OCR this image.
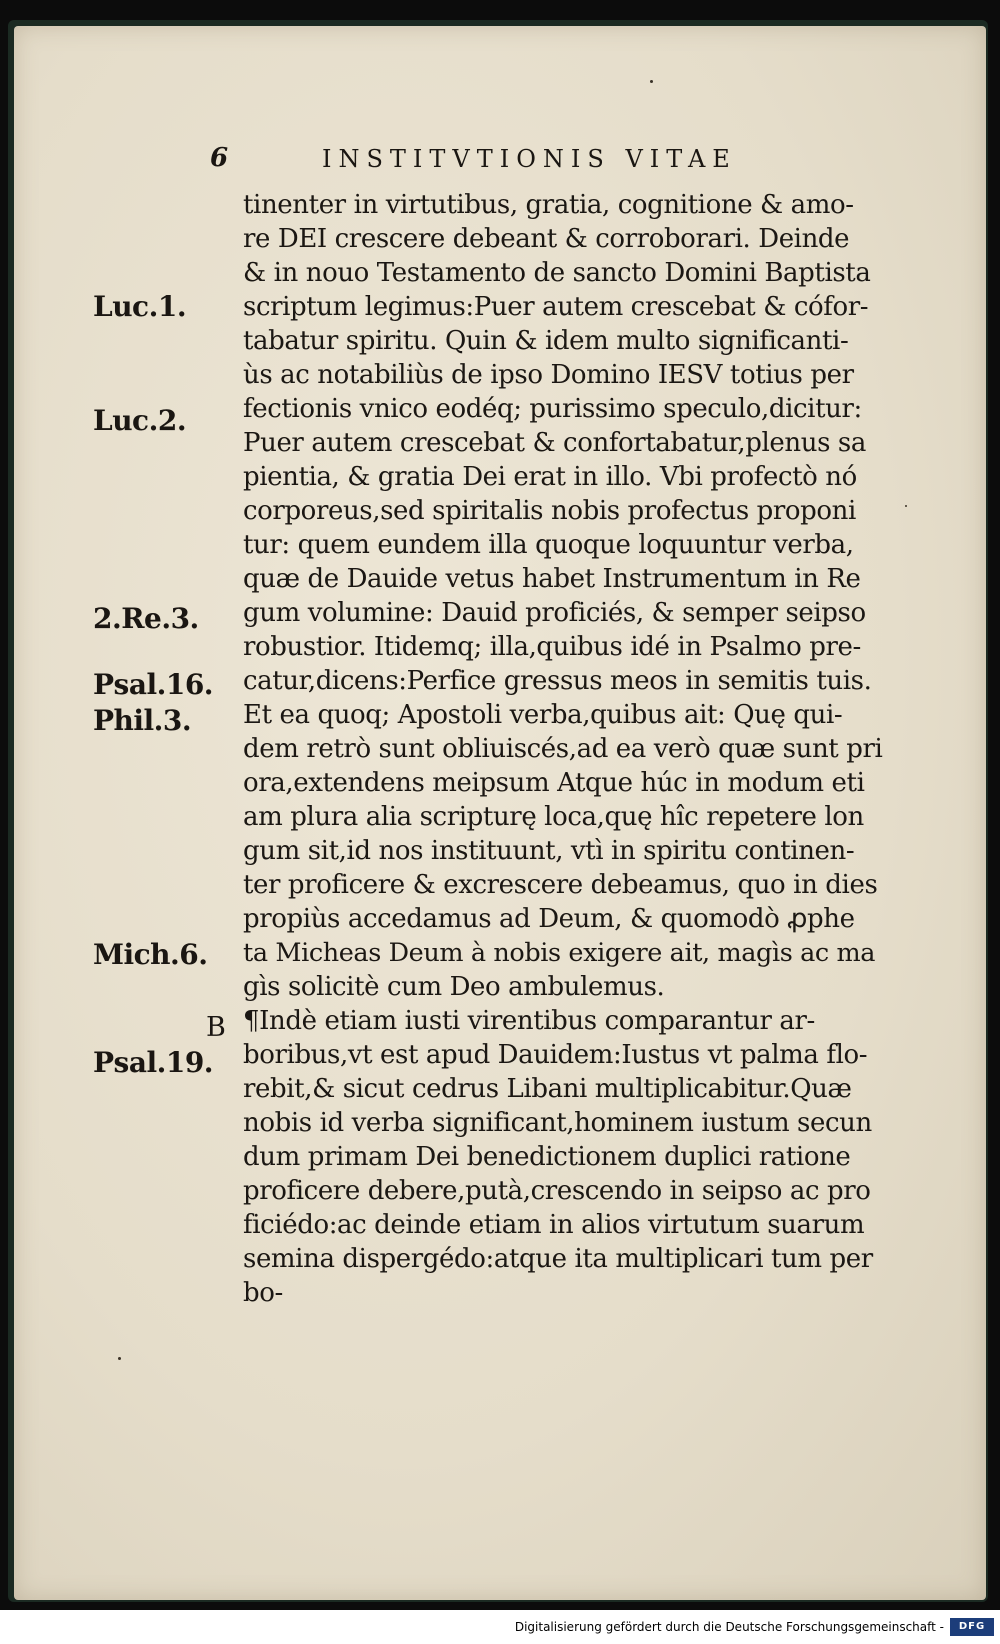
6	INSTITVTIONIS VITAE
tinenter in virtutibus, gratia, cognitione & amo-
re DEI crescere debeant & corroborari. Deinde
& in nouo Testamento de sancto Domini Baptista
scriptum legimus:Puer autem crescebat & cófor-
tabatur spiritu. Quin & idem multo significanti-
ùs ac notabiliùs de ipso Domino IESV totius per
fectionis vnico eodéq; purissimo speculo,dicitur:
Puer autem crescebat & confortabatur,plenus sa
pientia, & gratia Dei erat in illo. Vbi profectò nó
corporeus,sed spiritalis nobis profectus proponi
tur: quem eundem illa quoque loquuntur verba,
quæ de Dauide vetus habet Instrumentum in Re
gum volumine: Dauid proficiés, & semper seipso
robustior. Itidemq; illa,quibus idé in Psalmo pre-
catur,dicens:Perfice gressus meos in semitis tuis.
Et ea quoq; Apostoli verba,quibus ait: Quę qui-
dem retrò sunt obliuiscés,ad ea verò quæ sunt pri
ora,extendens meipsum Atque húc in modum eti
am plura alia scripturę loca,quę hîc repetere lon
gum sit,id nos instituunt, vtì in spiritu continen-
ter proficere & excrescere debeamus, quo in dies
propiùs accedamus ad Deum, & quomodò ꝓphe
ta Micheas Deum à nobis exigere ait, magìs ac ma
gìs solicitè cum Deo ambulemus.
¶Indè etiam iusti virentibus comparantur ar-
boribus,vt est apud Dauidem:Iustus vt palma flo-
rebit,& sicut cedrus Libani multiplicabitur.Quæ
nobis id verba significant,hominem iustum secun
dum primam Dei benedictionem duplici ratione
proficere debere,putà,crescendo in seipso ac pro
ficiédo:ac deinde etiam in alios virtutum suarum
semina dispergédo:atque ita multiplicari tum per
bo-
Luc.1.
Luc.2.
2.Re.3.
Psal.16.
Phil.3.
Mich.6.
Psal.19.
B
Digitalisierung gefördert durch die Deutsche Forschungsgemeinschaft -	DFG
